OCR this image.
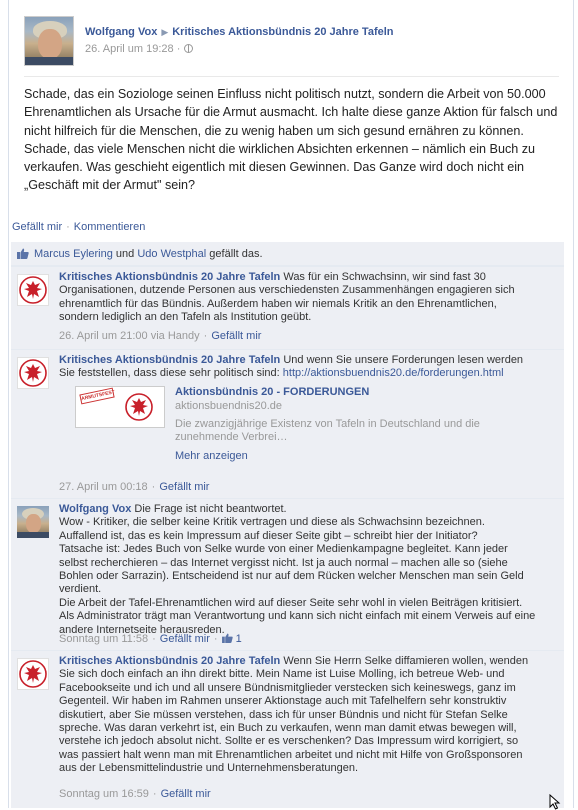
Wolfgang Vox ▶ Kritisches Aktionsbündnis 20 Jahre Tafeln
26. April um 19:28 ·

Schade, das ein Soziologe seinen Einfluss nicht politisch nutzt, sondern die Arbeit von 50.000 Ehrenamtlichen als Ursache für die Armut ausmacht. Ich halte diese ganze Aktion für falsch und nicht hilfreich für die Menschen, die zu wenig haben um sich gesund ernähren zu können.

Schade, das viele Menschen nicht die wirklichen Absichten erkennen – nämlich ein Buch zu verkaufen. Was geschieht eigentlich mit diesen Gewinnen. Das Ganze wird doch nicht ein „Geschäft mit der Armut" sein?

Gefällt mir · Kommentieren
Marcus Eylering und Udo Westphal gefällt das.

Kritisches Aktionsbündnis 20 Jahre Tafeln Was für ein Schwachsinn, wir sind fast 30 Organisationen, dutzende Personen aus verschiedensten Zusammenhängen engagieren sich ehrenamtlich für das Bündnis. Außerdem haben wir niemals Kritik an den Ehrenamtlichen, sondern lediglich an den Tafeln als Institution geübt.

26. April um 21:00 via Handy · Gefällt mir

Kritisches Aktionsbündnis 20 Jahre Tafeln Und wenn Sie unsere Forderungen lesen werden Sie feststellen, dass diese sehr politisch sind: http://aktionsbuendnis20.de/forderungen.html

ARMUTSFEST	Aktionsbündnis 20 - FORDERUNGEN
aktionsbuendnis20.de

Die zwanzigjährige Existenz von Tafeln in Deutschland und die zunehmende Verbrei…

Mehr anzeigen
27. April um 00:18 · Gefällt mir
Wolfgang Vox Die Frage ist nicht beantwortet.
Wow - Kritiker, die selber keine Kritik vertragen und diese als Schwachsinn bezeichnen.
Auffallend ist, das es kein Impressum auf dieser Seite gibt – schreibt hier der Initiator?
Tatsache ist: Jedes Buch von Selke wurde von einer Medienkampagne begleitet. Kann jeder selbst recherchieren – das Internet vergisst nicht. Ist ja auch normal – machen alle so (siehe Bohlen oder Sarrazin). Entscheidend ist nur auf dem Rücken welcher Menschen man sein Geld verdient.
Die Arbeit der Tafel-Ehrenamtlichen wird auf dieser Seite sehr wohl in vielen Beiträgen kritisiert. Als Administrator trägt man Verantwortung und kann sich nicht einfach mit einem Verweis auf eine andere Internetseite herausreden.
Sonntag um 11:58 · Gefällt mir · 1

Kritisches Aktionsbündnis 20 Jahre Tafeln Wenn Sie Herrn Selke diffamieren wollen, wenden Sie sich doch einfach an ihn direkt bitte. Mein Name ist Luise Molling, ich betreue Web- und Facebookseite und ich und all unsere Bündnismitglieder verstecken sich keineswegs, ganz im Gegenteil. Wir haben im Rahmen unserer Aktionstage auch mit Tafelhelfern sehr konstruktiv diskutiert, aber Sie müssen verstehen, dass ich für unser Bündnis und nicht für Stefan Selke spreche. Was daran verkehrt ist, ein Buch zu verkaufen, wenn man damit etwas bewegen will, verstehe ich jedoch absolut nicht. Sollte er es verschenken? Das Impressum wird korrigiert, so was passiert halt wenn man mit Ehrenamtlichen arbeitet und nicht mit Hilfe von Großsponsoren aus der Lebensmittelindustrie und Unternehmensberatungen.

Sonntag um 16:59 · Gefällt mir
